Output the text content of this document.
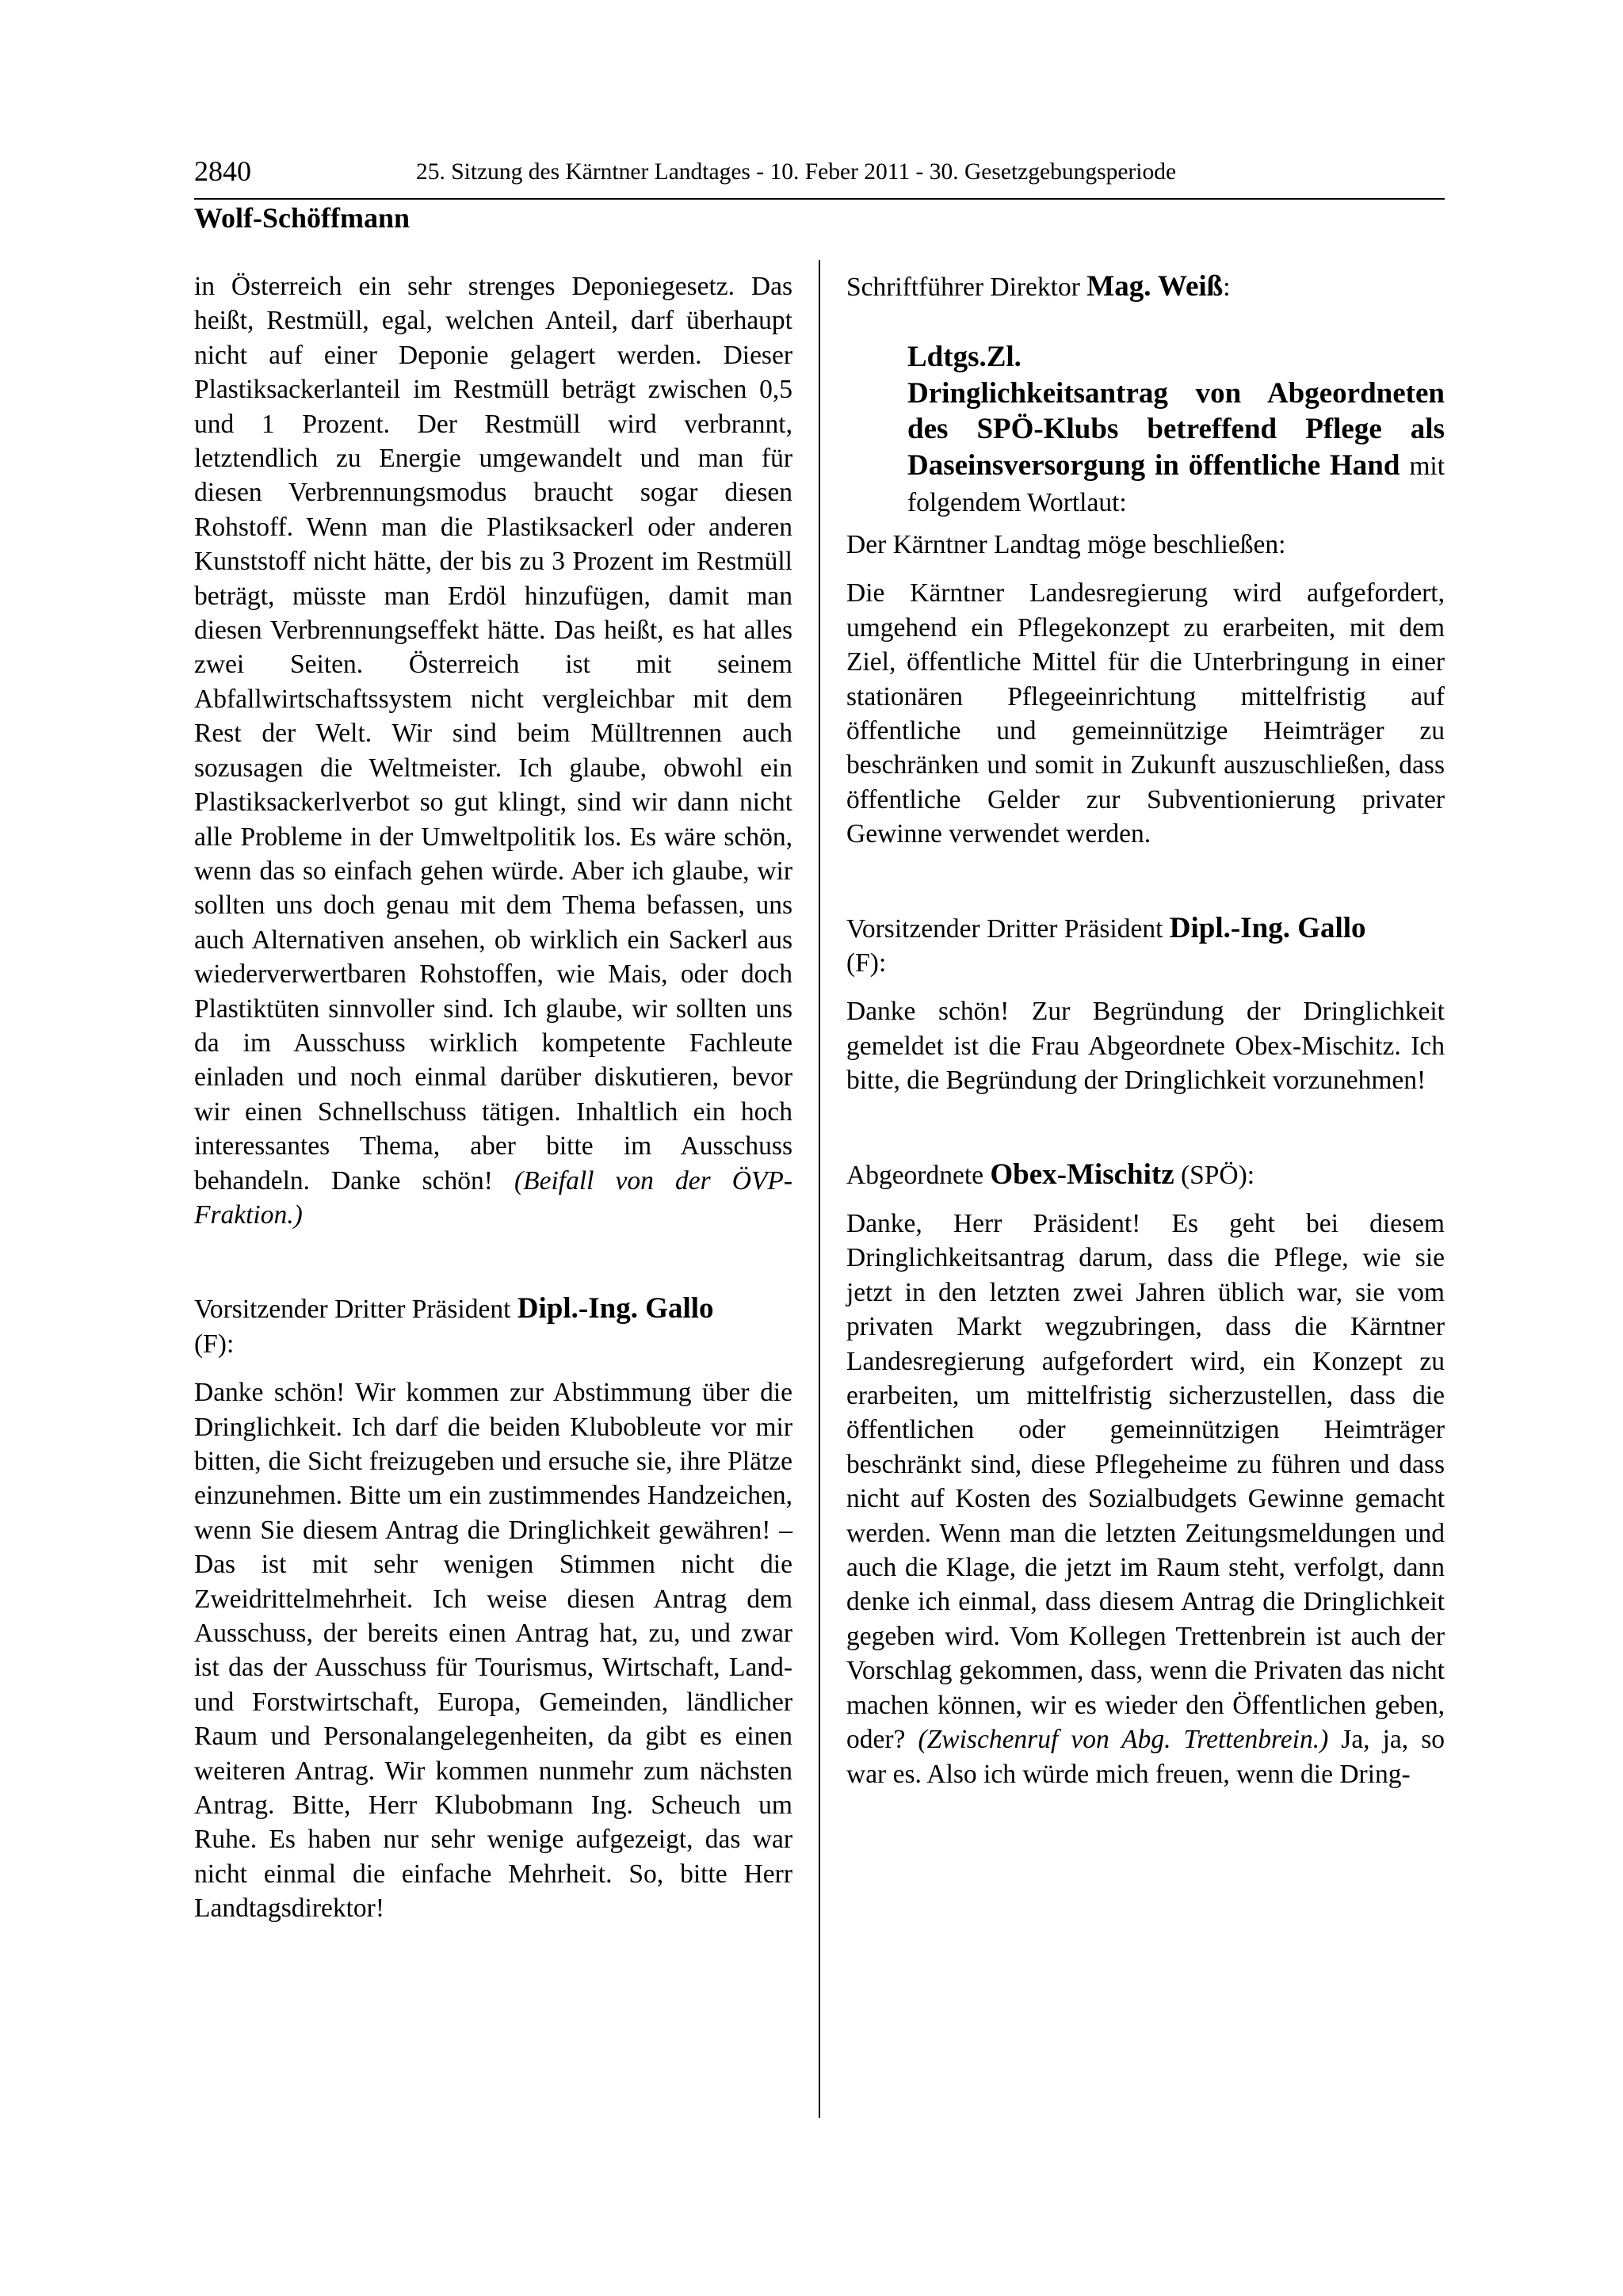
2840	25. Sitzung des Kärntner Landtages - 10. Feber 2011 - 30. Gesetzgebungsperiode
Wolf-Schöffmann

in Österreich ein sehr strenges Deponiegesetz. Das heißt, Restmüll, egal, welchen Anteil, darf überhaupt nicht auf einer Deponie gelagert werden. Dieser Plastiksackerlanteil im Restmüll beträgt zwischen 0,5 und 1 Prozent. Der Restmüll wird verbrannt, letztendlich zu Energie umgewandelt und man für diesen Verbrennungsmodus braucht sogar diesen Rohstoff. Wenn man die Plastiksackerl oder anderen Kunststoff nicht hätte, der bis zu 3 Prozent im Restmüll beträgt, müsste man Erdöl hinzufügen, damit man diesen Verbrennungseffekt hätte. Das heißt, es hat alles zwei Seiten. Österreich ist mit seinem Abfallwirtschaftssystem nicht vergleichbar mit dem Rest der Welt. Wir sind beim Mülltrennen auch sozusagen die Weltmeister. Ich glaube, obwohl ein Plastiksackerlverbot so gut klingt, sind wir dann nicht alle Probleme in der Umweltpolitik los. Es wäre schön, wenn das so einfach gehen würde. Aber ich glaube, wir sollten uns doch genau mit dem Thema befassen, uns auch Alternativen ansehen, ob wirklich ein Sackerl aus wiederverwertbaren Rohstoffen, wie Mais, oder doch Plastiktüten sinnvoller sind. Ich glaube, wir sollten uns da im Ausschuss wirklich kompetente Fachleute einladen und noch einmal darüber diskutieren, bevor wir einen Schnellschuss tätigen. Inhaltlich ein hoch interessantes Thema, aber bitte im Ausschuss behandeln. Danke schön! (Beifall von der ÖVP-Fraktion.)

Vorsitzender Dritter Präsident Dipl.-Ing. Gallo
(F):

Danke schön! Wir kommen zur Abstimmung über die Dringlichkeit. Ich darf die beiden Klubobleute vor mir bitten, die Sicht freizugeben und ersuche sie, ihre Plätze einzunehmen. Bitte um ein zustimmendes Handzeichen, wenn Sie diesem Antrag die Dringlichkeit gewähren! – Das ist mit sehr wenigen Stimmen nicht die Zweidrittelmehrheit. Ich weise diesen Antrag dem Ausschuss, der bereits einen Antrag hat, zu, und zwar ist das der Ausschuss für Tourismus, Wirtschaft, Land- und Forstwirtschaft, Europa, Gemeinden, ländlicher Raum und Personalangelegenheiten, da gibt es einen weiteren Antrag. Wir kommen nunmehr zum nächsten Antrag. Bitte, Herr Klubobmann Ing. Scheuch um Ruhe. Es haben nur sehr wenige aufgezeigt, das war nicht einmal die einfache Mehrheit. So, bitte Herr Landtagsdirektor!

Schriftführer Direktor Mag. Weiß:

Ldtgs.Zl.
Dringlichkeitsantrag von Abgeordneten des SPÖ-Klubs betreffend Pflege als Daseinsversorgung in öffentliche Hand mit folgendem Wortlaut:

Der Kärntner Landtag möge beschließen:

Die Kärntner Landesregierung wird aufgefordert, umgehend ein Pflegekonzept zu erarbeiten, mit dem Ziel, öffentliche Mittel für die Unterbringung in einer stationären Pflegeeinrichtung mittelfristig auf öffentliche und gemeinnützige Heimträger zu beschränken und somit in Zukunft auszuschließen, dass öffentliche Gelder zur Subventionierung privater Gewinne verwendet werden.

Vorsitzender Dritter Präsident Dipl.-Ing. Gallo
(F):

Danke schön! Zur Begründung der Dringlichkeit gemeldet ist die Frau Abgeordnete Obex-Mischitz. Ich bitte, die Begründung der Dringlichkeit vorzunehmen!

Abgeordnete Obex-Mischitz (SPÖ):

Danke, Herr Präsident! Es geht bei diesem Dringlichkeitsantrag darum, dass die Pflege, wie sie jetzt in den letzten zwei Jahren üblich war, sie vom privaten Markt wegzubringen, dass die Kärntner Landesregierung aufgefordert wird, ein Konzept zu erarbeiten, um mittelfristig sicherzustellen, dass die öffentlichen oder gemeinnützigen Heimträger beschränkt sind, diese Pflegeheime zu führen und dass nicht auf Kosten des Sozialbudgets Gewinne gemacht werden. Wenn man die letzten Zeitungsmeldungen und auch die Klage, die jetzt im Raum steht, verfolgt, dann denke ich einmal, dass diesem Antrag die Dringlichkeit gegeben wird. Vom Kollegen Trettenbrein ist auch der Vorschlag gekommen, dass, wenn die Privaten das nicht machen können, wir es wieder den Öffentlichen geben, oder? (Zwischenruf von Abg. Trettenbrein.) Ja, ja, so war es. Also ich würde mich freuen, wenn die Dring-
